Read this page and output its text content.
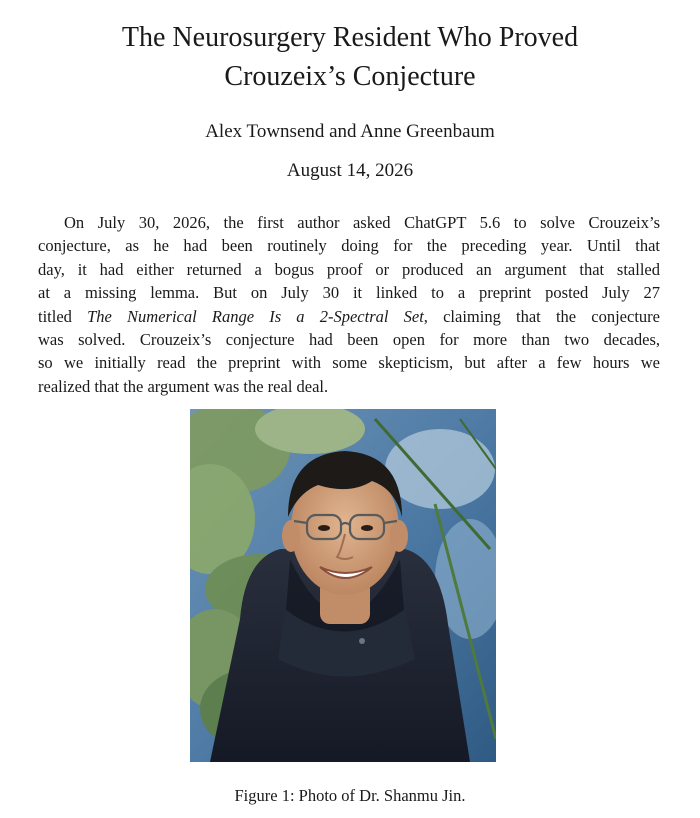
The Neurosurgery Resident Who Proved
Crouzeix’s Conjecture
Alex Townsend and Anne Greenbaum
August 14, 2026
On July 30, 2026, the first author asked ChatGPT 5.6 to solve Crouzeix’s
conjecture, as he had been routinely doing for the preceding year. Until that
day, it had either returned a bogus proof or produced an argument that stalled
at a missing lemma. But on July 30 it linked to a preprint posted July 27
titled The Numerical Range Is a 2-Spectral Set, claiming that the conjecture
was solved. Crouzeix’s conjecture had been open for more than two decades,
so we initially read the preprint with some skepticism, but after a few hours we
realized that the argument was the real deal.
Figure 1: Photo of Dr. Shanmu Jin.
